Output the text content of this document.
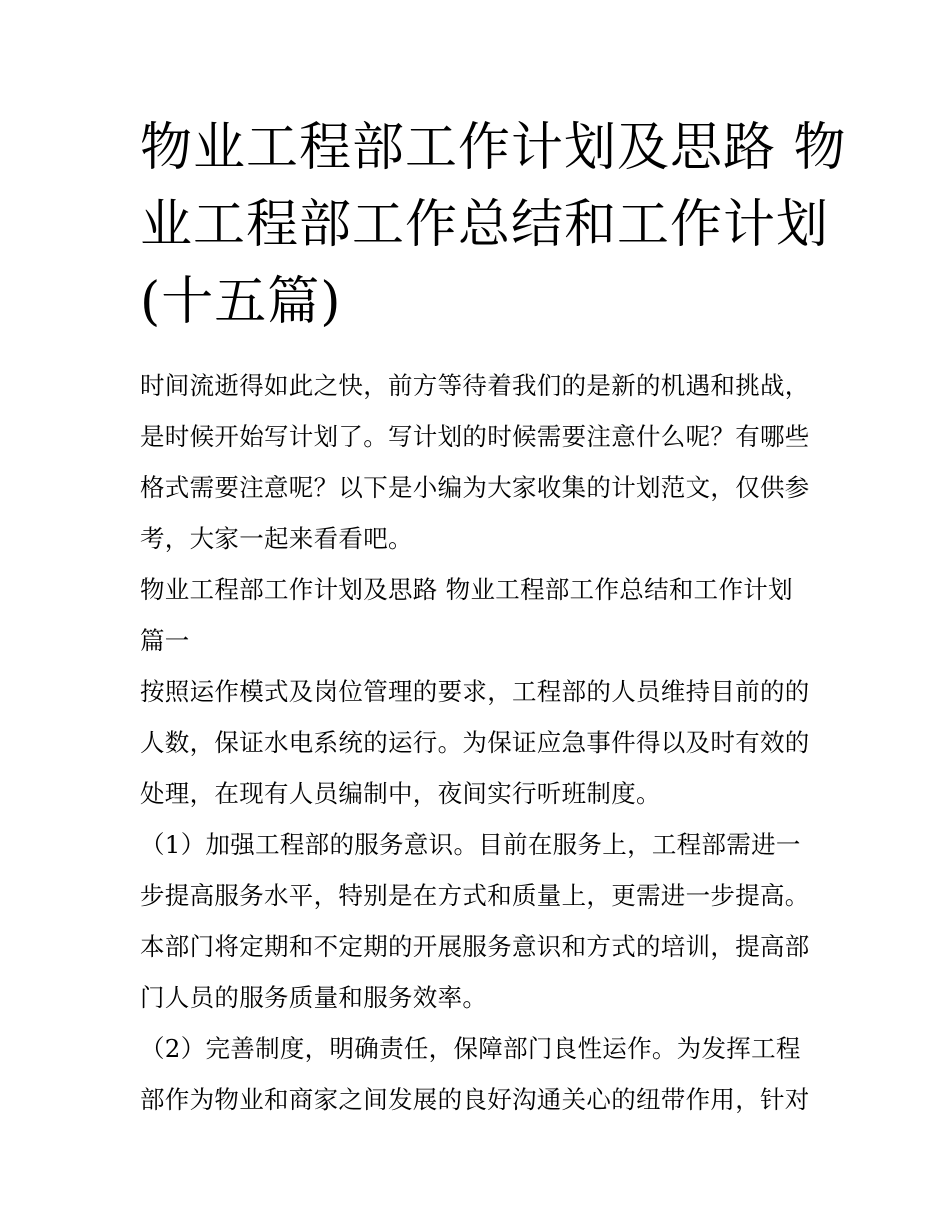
物业工程部工作计划及思路 物
业工程部工作总结和工作计划
(十五篇)

时间流逝得如此之快，前方等待着我们的是新的机遇和挑战，
是时候开始写计划了。写计划的时候需要注意什么呢？有哪些
格式需要注意呢？以下是小编为大家收集的计划范文，仅供参
考，大家一起来看看吧。

物业工程部工作计划及思路 物业工程部工作总结和工作计划
篇一

按照运作模式及岗位管理的要求，工程部的人员维持目前的的
人数，保证水电系统的运行。为保证应急事件得以及时有效的
处理，在现有人员编制中，夜间实行听班制度。

（1）加强工程部的服务意识。目前在服务上，工程部需进一
步提高服务水平，特别是在方式和质量上，更需进一步提高。
本部门将定期和不定期的开展服务意识和方式的培训，提高部
门人员的服务质量和服务效率。

（2）完善制度，明确责任，保障部门良性运作。为发挥工程
部作为物业和商家之间发展的良好沟通关心的纽带作用，针对
